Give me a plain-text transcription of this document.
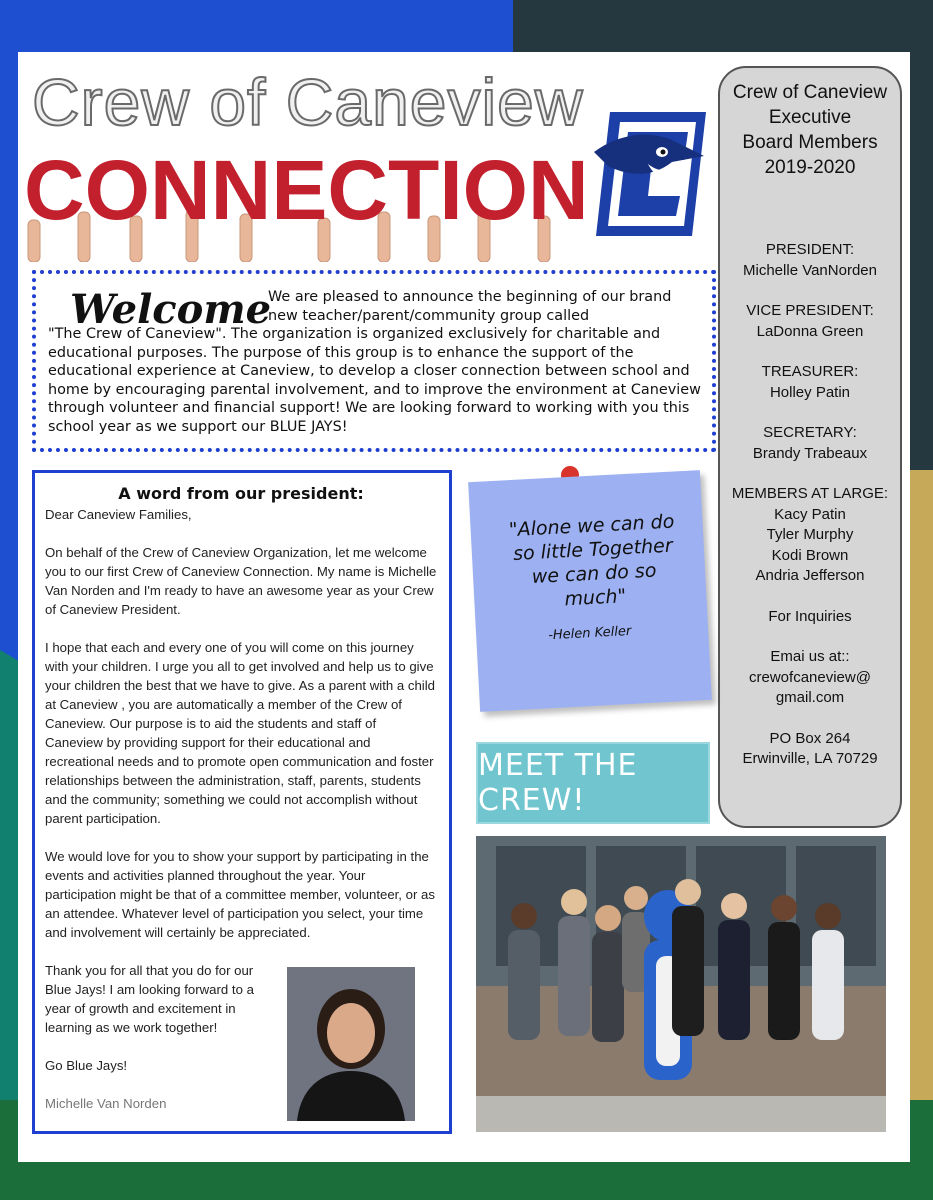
Crew of Caneview
CONNECTION
Welcome
We are pleased to announce the beginning of our brand new teacher/parent/community group called
"The Crew of Caneview". The organization is organized exclusively for charitable and educational purposes. The purpose of this group is to enhance the support of the educational experience at Caneview, to develop a closer connection between school and home by encouraging parental involvement, and to improve the environment at Caneview through volunteer and financial support! We are looking forward to working with you this school year as we support our BLUE JAYS!
Crew of Caneview
Executive
Board Members
2019-2020
PRESIDENT:
Michelle VanNorden
VICE PRESIDENT:
LaDonna Green
TREASURER:
Holley Patin
SECRETARY:
Brandy Trabeaux
MEMBERS AT LARGE:
Kacy Patin
Tyler Murphy
Kodi Brown
Andria Jefferson
For Inquiries
Emai us at::
crewofcaneview@ gmail.com
PO Box 264
Erwinville, LA 70729
A word from our president:

Dear Caneview Families,

On behalf of the Crew of Caneview Organization, let me welcome you to our first Crew of Caneview Connection. My name is Michelle Van Norden and I'm ready to have an awesome year as your Crew of Caneview President.

I hope that each and every one of you will come on this journey with your children. I urge you all to get involved and help us to give your children the best that we have to give. As a parent with a child at Caneview , you are automatically a member of the Crew of Caneview. Our purpose is to aid the students and staff of Caneview by providing support for their educational and recreational needs and to promote open communication and foster relationships between the administration, staff, parents, students and the community; something we could not accomplish without parent participation.

We would love for you to show your support by participating in the events and activities planned throughout the year. Your participation might be that of a committee member, volunteer, or as an attendee. Whatever level of participation you select, your time and involvement will certainly be appreciated.

Thank you for all that you do for our Blue Jays! I am looking forward to a year of growth and excitement in learning as we work together!

Go Blue Jays!

Michelle Van Norden

"Alone we can do so little Together we can do so much"
-Helen Keller
MEET THE CREW!
